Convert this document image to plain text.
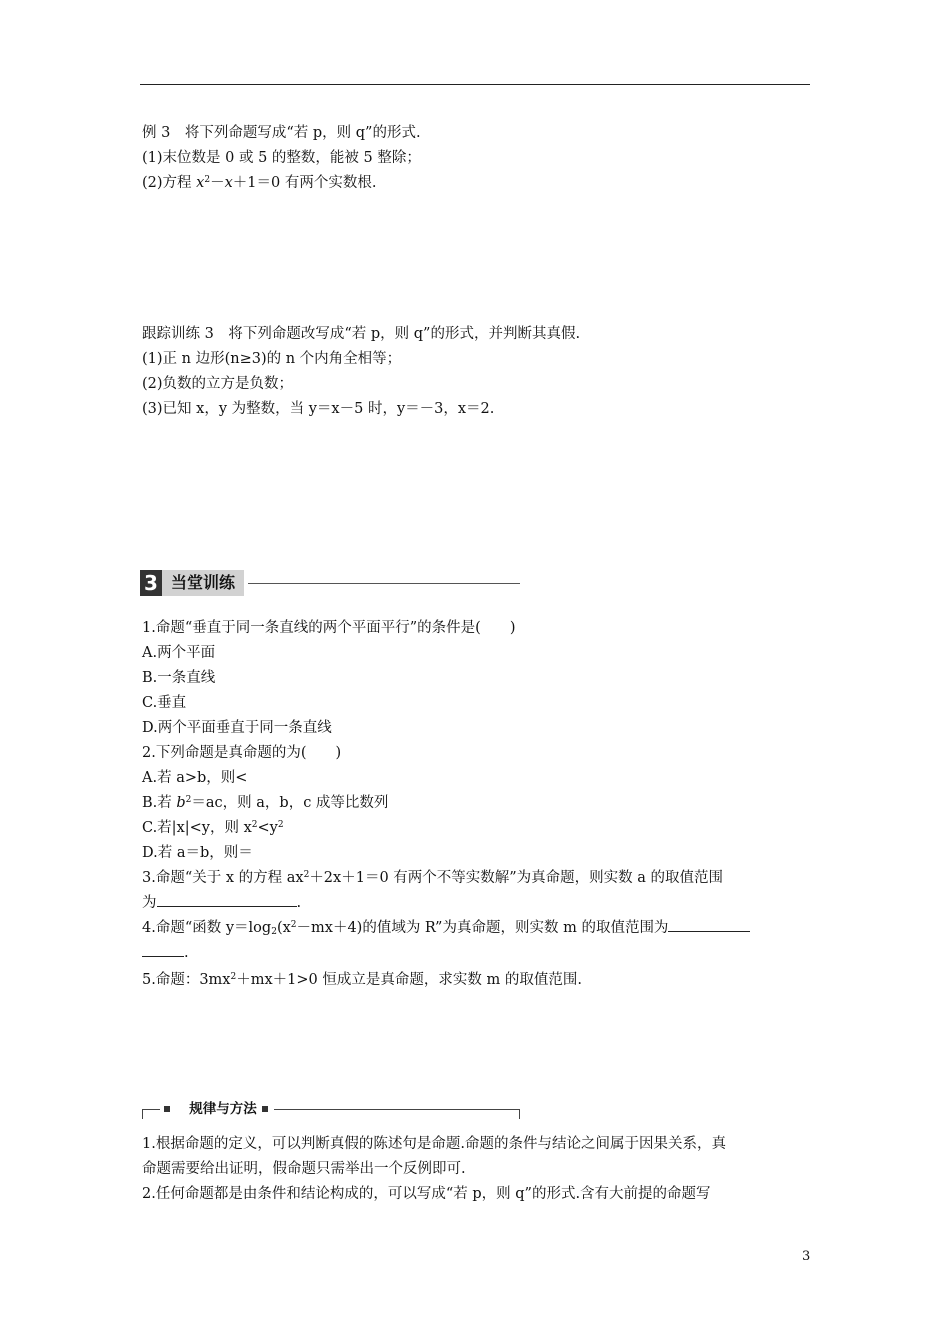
例 3　将下列命题写成“若 p，则 q”的形式.
(1)末位数是 0 或 5 的整数，能被 5 整除；
(2)方程 $x^2-x+1=0$ 有两个实数根.
跟踪训练 3　将下列命题改写成“若 p，则 q”的形式，并判断其真假.
(1)正 n 边形(n≥3)的 n 个内角全相等；
(2)负数的立方是负数；
(3)已知 x，y 为整数，当 y＝x－5 时，y＝－3，x＝2.
3 当堂训练
1.命题“垂直于同一条直线的两个平面平行”的条件是(　　)
A.两个平面
B.一条直线
C.垂直
D.两个平面垂直于同一条直线
2.下列命题是真命题的为(　　)
A.若 a>b，则<
B.若 $b^2=ac$，则 a，b，c 成等比数列
C.若|x|<y，则 $x^2<y^2$
D.若 a＝b，则＝
3.命题“关于 x 的方程 $ax^2+2x+1=0$ 有两个不等实数解”为真命题，则实数 a 的取值范围
为	.
4.命题“函数 $y=\log_2(x^2-mx+4)$的值域为 R”为真命题，则实数 m 的取值范围为
.
5.命题：$3mx^2+mx+1>0$ 恒成立是真命题，求实数 m 的取值范围.
规律与方法
1.根据命题的定义，可以判断真假的陈述句是命题.命题的条件与结论之间属于因果关系，真
命题需要给出证明，假命题只需举出一个反例即可.
2.任何命题都是由条件和结论构成的，可以写成“若 p，则 q”的形式.含有大前提的命题写
3
